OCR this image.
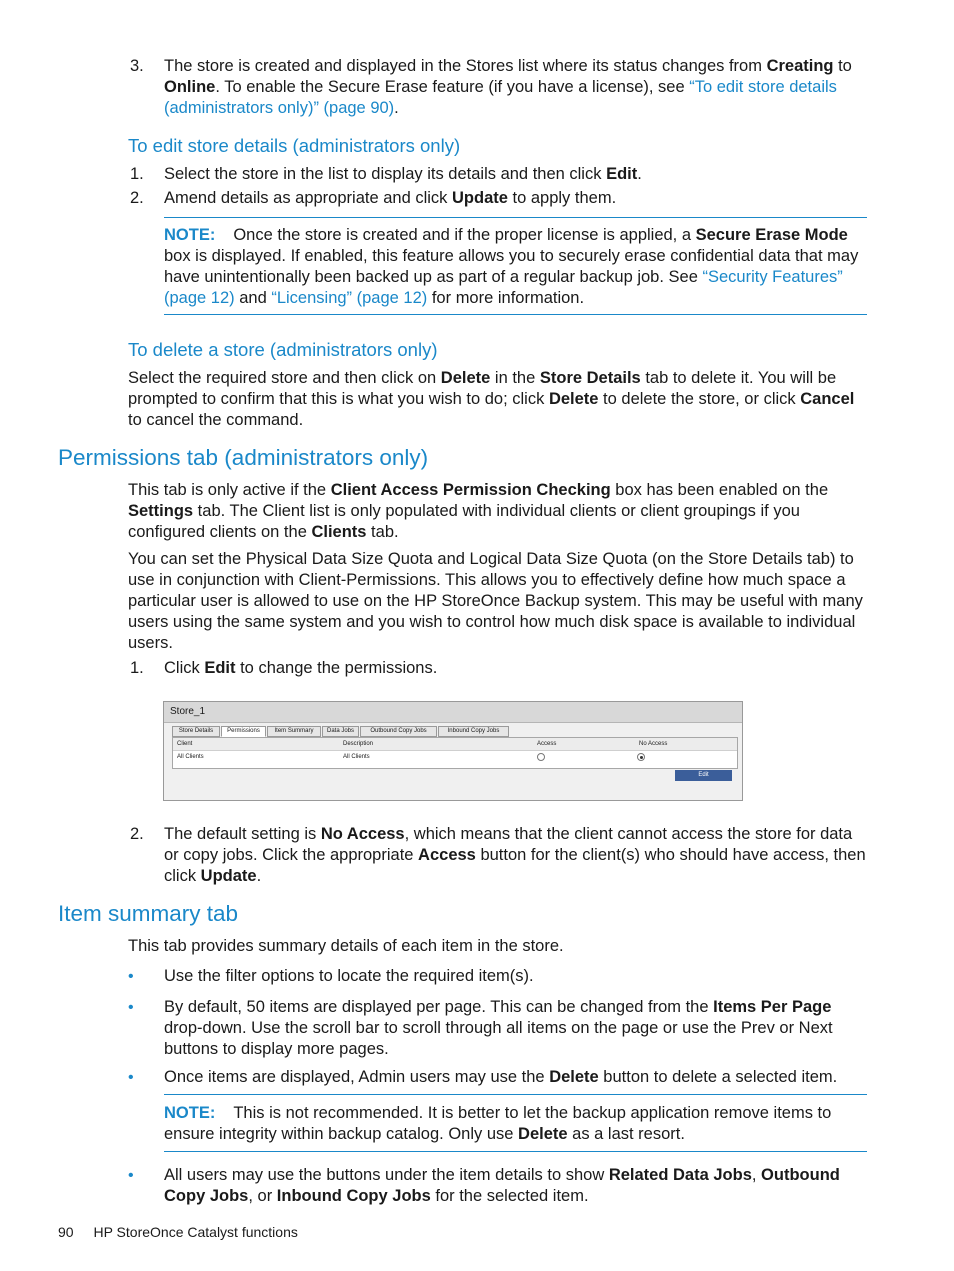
3.	The store is created and displayed in the Stores list where its status changes from Creating to Online. To enable the Secure Erase feature (if you have a license), see “To edit store details (administrators only)” (page 90).
To edit store details (administrators only)
1.	Select the store in the list to display its details and then click Edit.
2.	Amend details as appropriate and click Update to apply them.
NOTE: Once the store is created and if the proper license is applied, a Secure Erase Mode box is displayed. If enabled, this feature allows you to securely erase confidential data that may have unintentionally been backed up as part of a regular backup job. See “Security Features” (page 12) and “Licensing” (page 12) for more information.
To delete a store (administrators only)
Select the required store and then click on Delete in the Store Details tab to delete it. You will be prompted to confirm that this is what you wish to do; click Delete to delete the store, or click Cancel to cancel the command.
Permissions tab (administrators only)
This tab is only active if the Client Access Permission Checking box has been enabled on the Settings tab. The Client list is only populated with individual clients or client groupings if you configured clients on the Clients tab.
You can set the Physical Data Size Quota and Logical Data Size Quota (on the Store Details tab) to use in conjunction with Client-Permissions. This allows you to effectively define how much space a particular user is allowed to use on the HP StoreOnce Backup system. This may be useful with many users using the same system and you wish to control how much disk space is available to individual users.
1.	Click Edit to change the permissions.
Store_1
Store Details	Permissions	Item Summary	Data Jobs	Outbound Copy Jobs	Inbound Copy Jobs
Client	Description	Access	No Access
All Clients	All Clients
Edit
2.	The default setting is No Access, which means that the client cannot access the store for data or copy jobs. Click the appropriate Access button for the client(s) who should have access, then click Update.
Item summary tab
This tab provides summary details of each item in the store.
• Use the filter options to locate the required item(s).
• By default, 50 items are displayed per page. This can be changed from the Items Per Page drop-down. Use the scroll bar to scroll through all items on the page or use the Prev or Next buttons to display more pages.
• Once items are displayed, Admin users may use the Delete button to delete a selected item.
NOTE: This is not recommended. It is better to let the backup application remove items to ensure integrity within backup catalog. Only use Delete as a last resort.
• All users may use the buttons under the item details to show Related Data Jobs, Outbound Copy Jobs, or Inbound Copy Jobs for the selected item.
90 HP StoreOnce Catalyst functions
